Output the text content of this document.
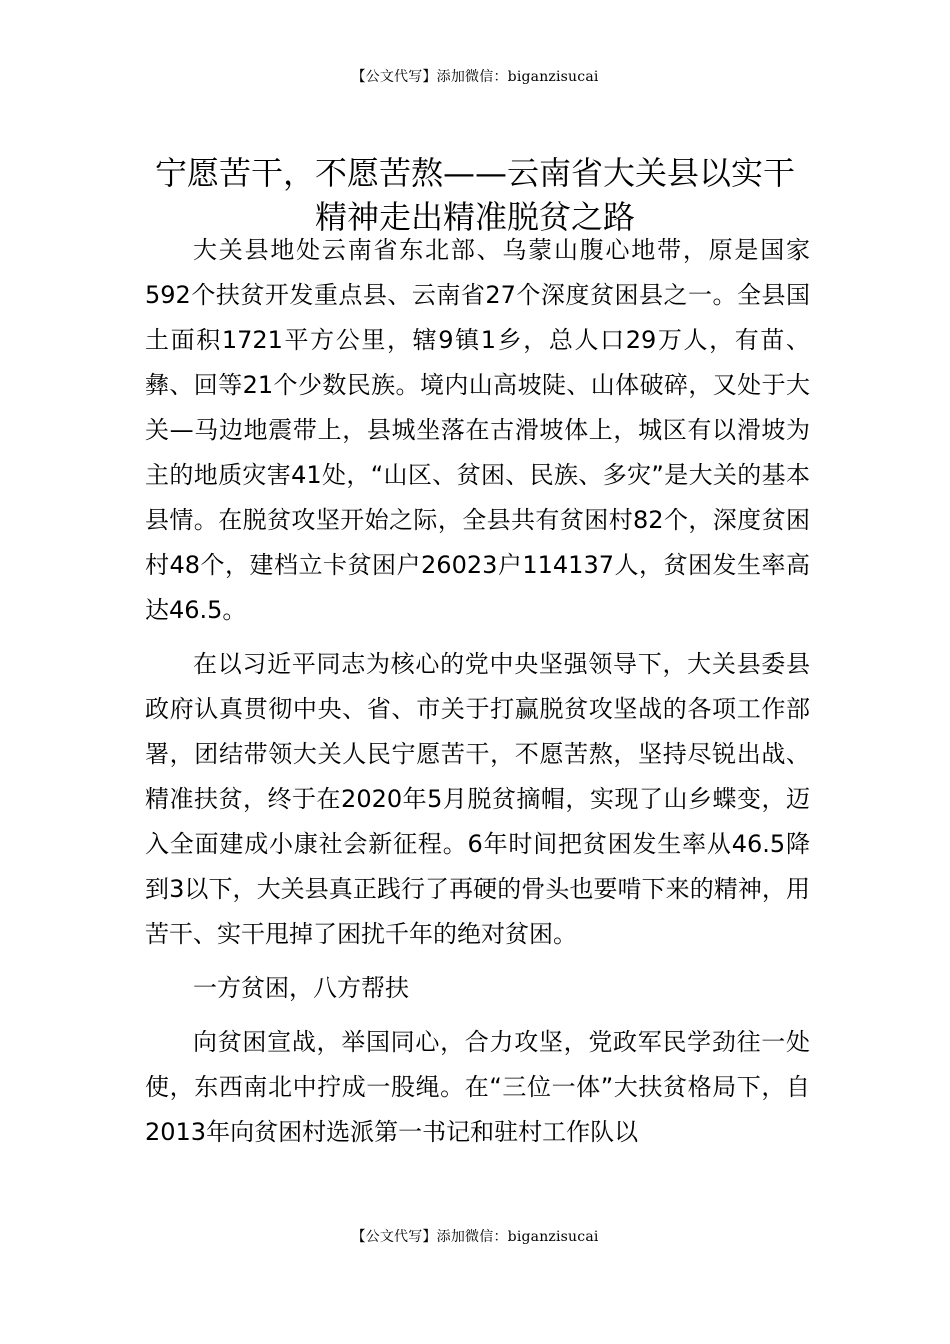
【公文代写】添加微信：biganzisucai
宁愿苦干，不愿苦熬——云南省大关县以实干精神走出精准脱贫之路

大关县地处云南省东北部、乌蒙山腹心地带，原是国家592个扶贫开发重点县、云南省27个深度贫困县之一。全县国土面积1721平方公里，辖9镇1乡，总人口29万人，有苗、彝、回等21个少数民族。境内山高坡陡、山体破碎，又处于大关—马边地震带上，县城坐落在古滑坡体上，城区有以滑坡为主的地质灾害41处，“山区、贫困、民族、多灾”是大关的基本县情。在脱贫攻坚开始之际，全县共有贫困村82个，深度贫困村48个，建档立卡贫困户26023户114137人，贫困发生率高达46.5。

在以习近平同志为核心的党中央坚强领导下，大关县委县政府认真贯彻中央、省、市关于打赢脱贫攻坚战的各项工作部署，团结带领大关人民宁愿苦干，不愿苦熬，坚持尽锐出战、精准扶贫，终于在2020年5月脱贫摘帽，实现了山乡蝶变，迈入全面建成小康社会新征程。6年时间把贫困发生率从46.5降到3以下，大关县真正践行了再硬的骨头也要啃下来的精神，用苦干、实干甩掉了困扰千年的绝对贫困。

一方贫困，八方帮扶

向贫困宣战，举国同心，合力攻坚，党政军民学劲往一处使，东西南北中拧成一股绳。在“三位一体”大扶贫格局下，自2013年向贫困村选派第一书记和驻村工作队以

【公文代写】添加微信：biganzisucai
